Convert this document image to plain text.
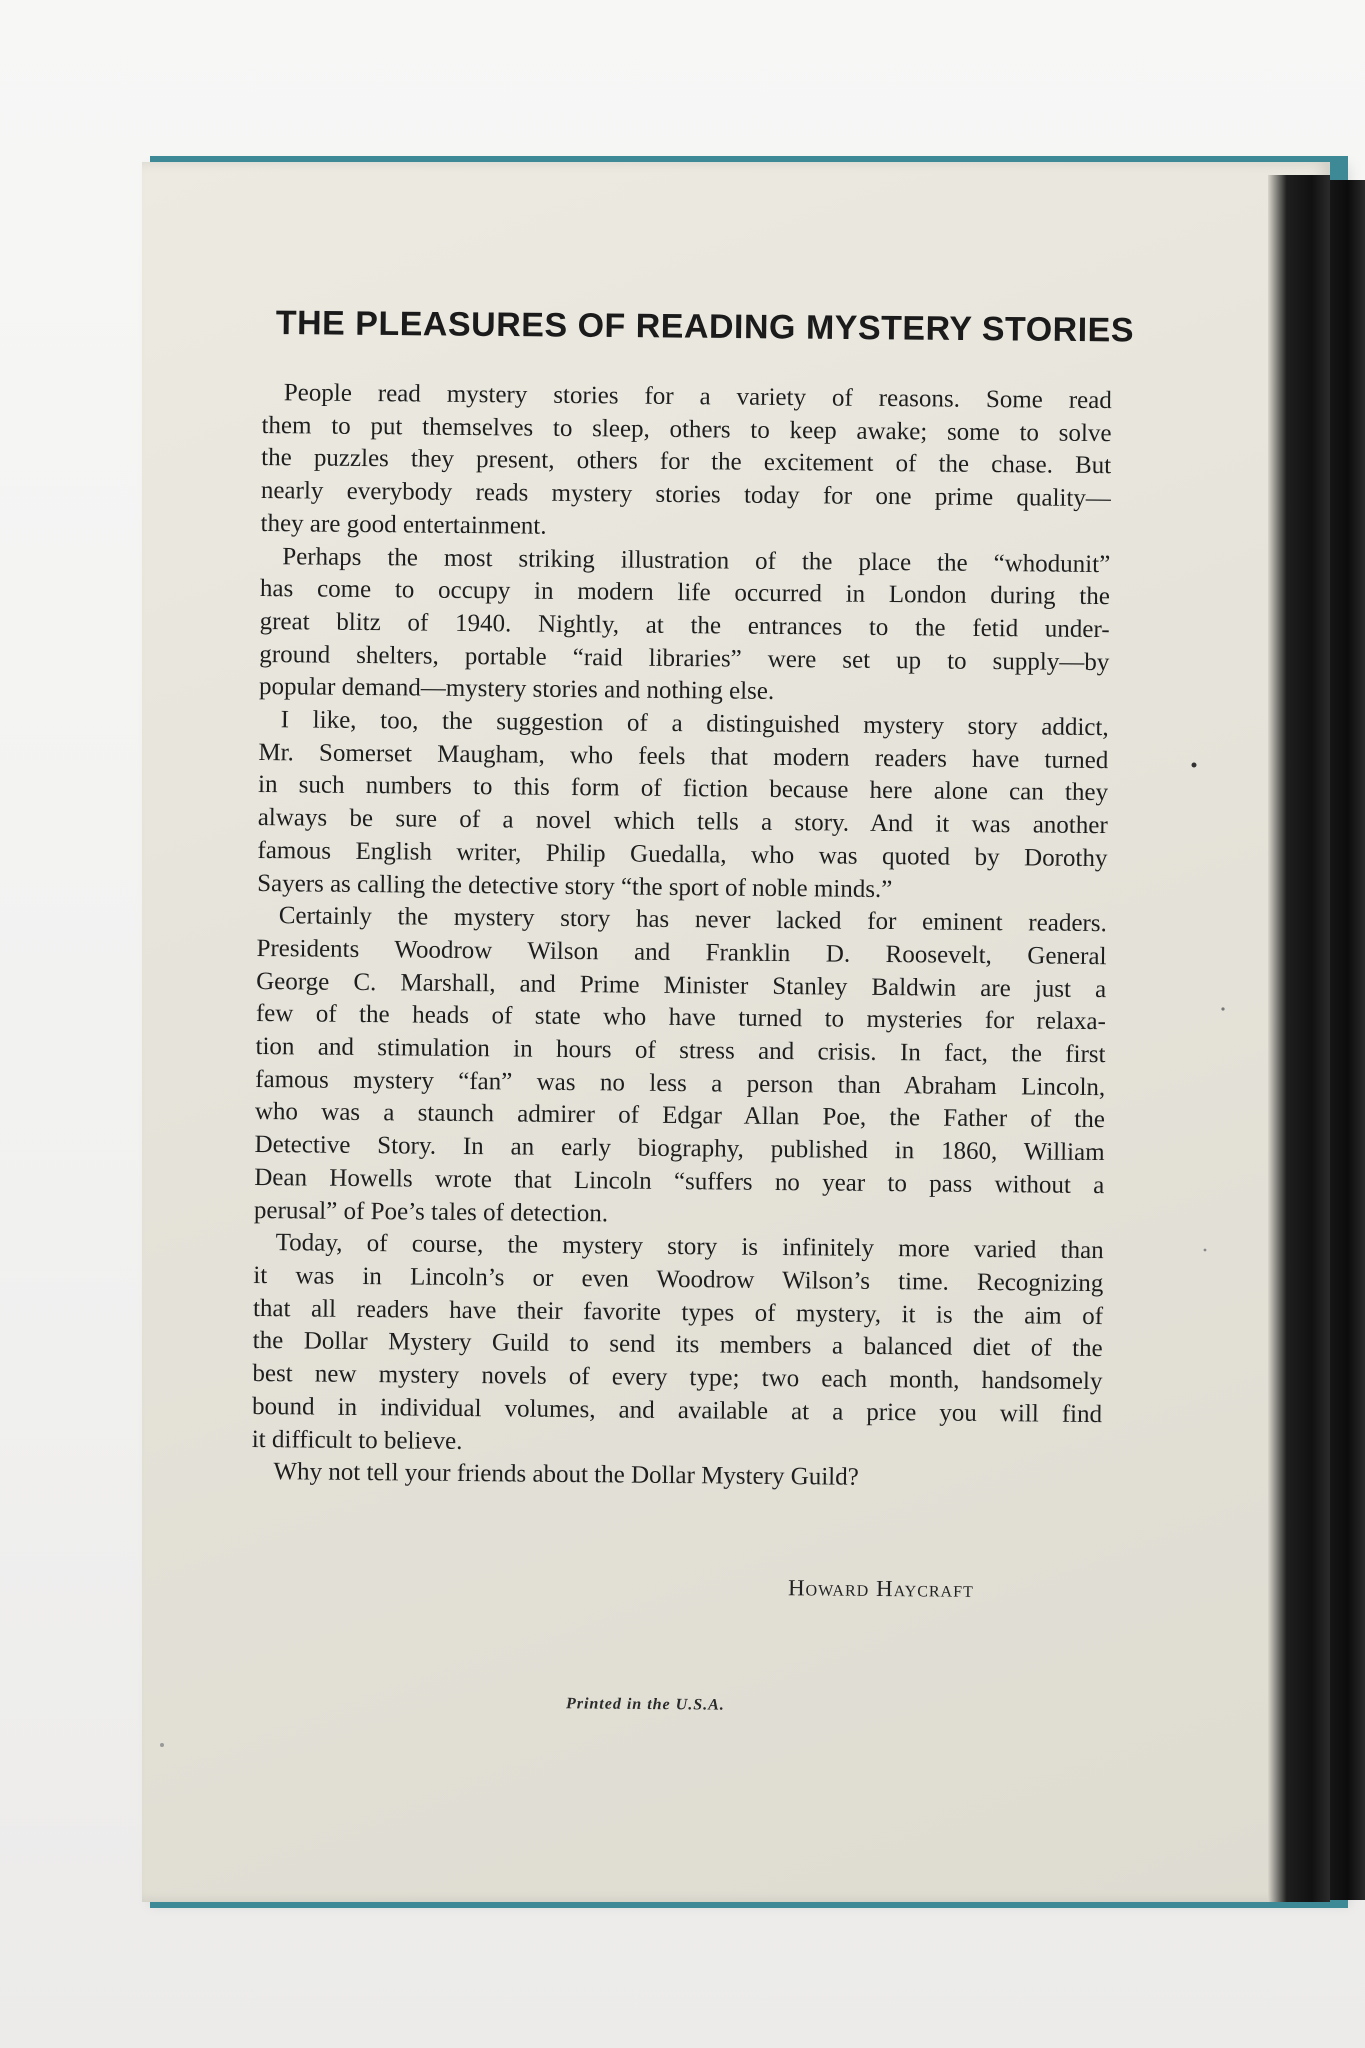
THE PLEASURES OF READING MYSTERY STORIES

People read mystery stories for a variety of reasons. Some read
them to put themselves to sleep, others to keep awake; some to solve
the puzzles they present, others for the excitement of the chase. But
nearly everybody reads mystery stories today for one prime quality—
they are good entertainment.

Perhaps the most striking illustration of the place the “whodunit”
has come to occupy in modern life occurred in London during the
great blitz of 1940. Nightly, at the entrances to the fetid under-
ground shelters, portable “raid libraries” were set up to supply—by
popular demand—mystery stories and nothing else.

I like, too, the suggestion of a distinguished mystery story addict,
Mr. Somerset Maugham, who feels that modern readers have turned
in such numbers to this form of fiction because here alone can they
always be sure of a novel which tells a story. And it was another
famous English writer, Philip Guedalla, who was quoted by Dorothy
Sayers as calling the detective story “the sport of noble minds.”

Certainly the mystery story has never lacked for eminent readers.
Presidents Woodrow Wilson and Franklin D. Roosevelt, General
George C. Marshall, and Prime Minister Stanley Baldwin are just a
few of the heads of state who have turned to mysteries for relaxa-
tion and stimulation in hours of stress and crisis. In fact, the first
famous mystery “fan” was no less a person than Abraham Lincoln,
who was a staunch admirer of Edgar Allan Poe, the Father of the
Detective Story. In an early biography, published in 1860, William
Dean Howells wrote that Lincoln “suffers no year to pass without a
perusal” of Poe’s tales of detection.

Today, of course, the mystery story is infinitely more varied than
it was in Lincoln’s or even Woodrow Wilson’s time. Recognizing
that all readers have their favorite types of mystery, it is the aim of
the Dollar Mystery Guild to send its members a balanced diet of the
best new mystery novels of every type; two each month, handsomely
bound in individual volumes, and available at a price you will find
it difficult to believe.

Why not tell your friends about the Dollar Mystery Guild?

Howard Haycraft
Printed in the U.S.A.
